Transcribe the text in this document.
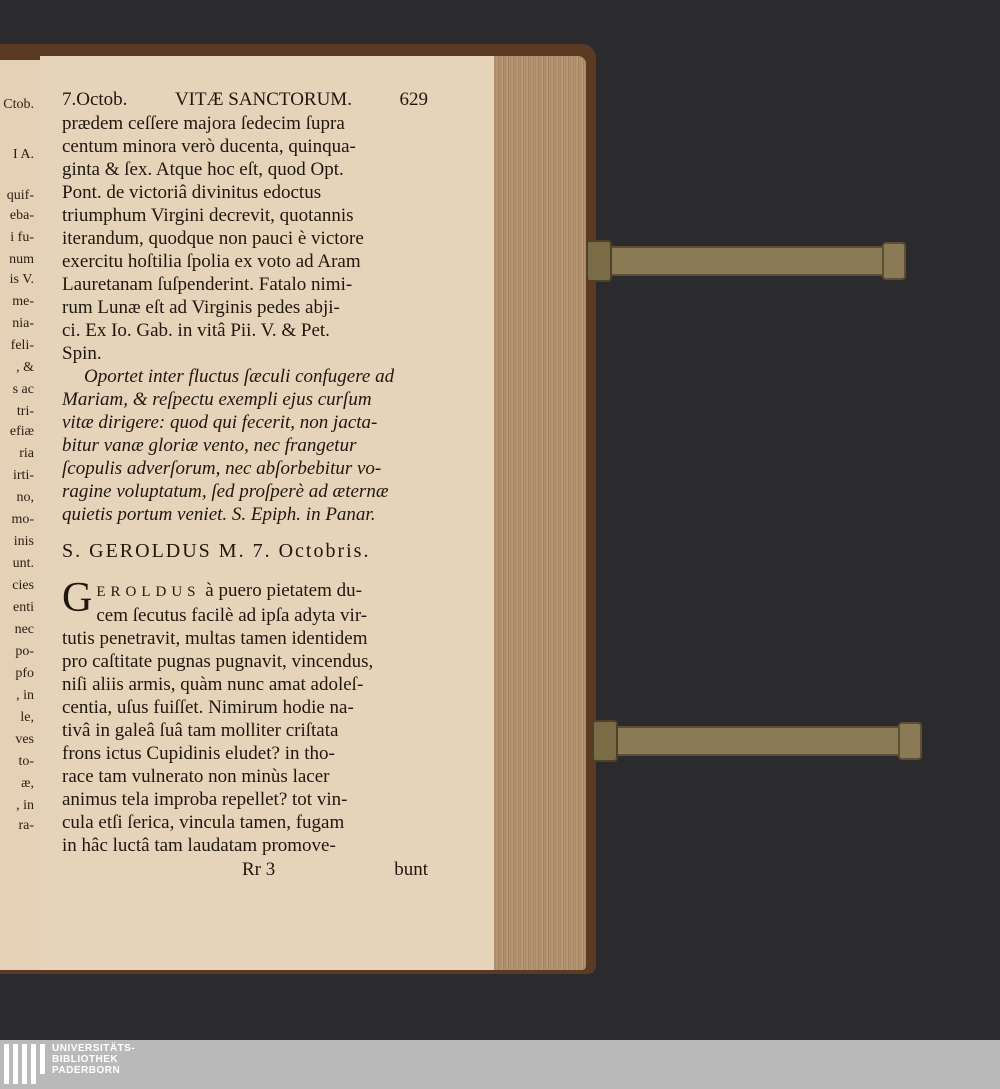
Ctob.
I A.
quif-
eba-
i fu-
num
is V.
me-
nia-
feli-
, &
s ac
tri-
efiæ
ria
irti-
no,
mo-
inis
unt.
cies
enti
nec
po-
pfo
, in
le,
ves
to-
æ,
, in
ra-
7.Octob.	VITÆ SANCTORUM.	629
prædem ceſſere majora ſedecim ſupra
centum minora verò ducenta, quinqua-
ginta & ſex. Atque hoc eſt, quod Opt.
Pont. de victoriâ divinitus edoctus
triumphum Virgini decrevit, quotannis
iterandum, quodque non pauci è victore
exercitu hoſtilia ſpolia ex voto ad Aram
Lauretanam ſuſpenderint. Fatalo nimi-
rum Lunæ eſt ad Virginis pedes abji-
ci. Ex Io. Gab. in vitâ Pii. V. & Pet.
Spin.
Oportet inter fluctus ſæculi confugere ad
Mariam, & reſpectu exempli ejus curſum
vitæ dirigere: quod qui fecerit, non jacta-
bitur vanæ gloriæ vento, nec frangetur
ſcopulis adverſorum, nec abſorbebitur vo-
ragine voluptatum, ſed proſperè ad æternæ
quietis portum veniet. S. Epiph. in Panar.
S. GEROLDUS M. 7. Octobris.
G EROLDUS à puero pietatem du-
cem ſecutus facilè ad ipſa adyta vir-
tutis penetravit, multas tamen identidem
pro caſtitate pugnas pugnavit, vincendus,
niſi aliis armis, quàm nunc amat adoleſ-
centia, uſus fuiſſet. Nimirum hodie na-
tivâ in galeâ ſuâ tam molliter criſtata
frons ictus Cupidinis eludet? in tho-
race tam vulnerato non minùs lacer
animus tela improba repellet? tot vin-
cula etſi ſerica, vincula tamen, fugam
in hâc luctâ tam laudatam promove-
Rr 3	bunt
UNIVERSITÄTS-
BIBLIOTHEK
PADERBORN
